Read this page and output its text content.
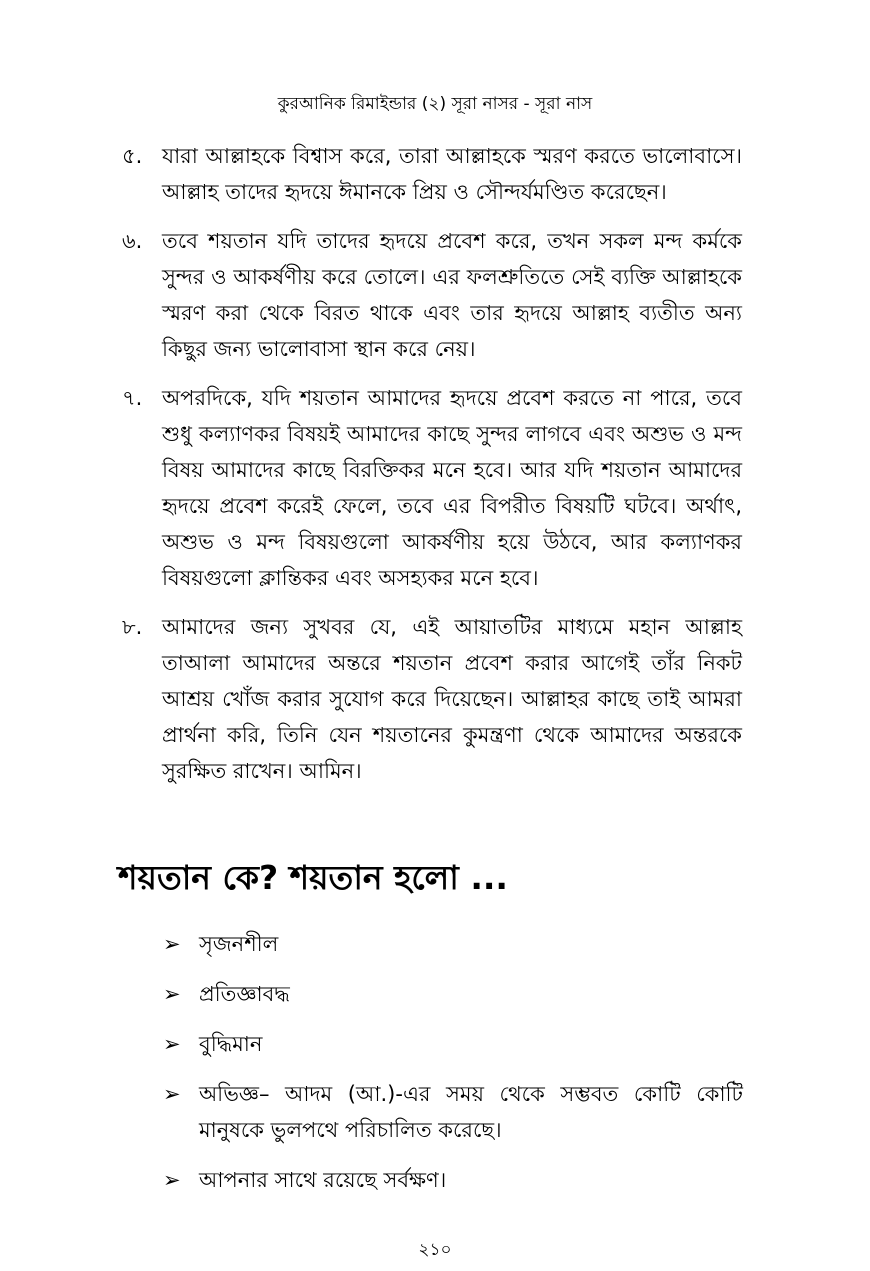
কুরআনিক রিমাইন্ডার (২) সূরা নাসর - সূরা নাস
৫. যারা আল্লাহকে বিশ্বাস করে, তারা আল্লাহকে স্মরণ করতে ভালোবাসে। আল্লাহ তাদের হৃদয়ে ঈমানকে প্রিয় ও সৌন্দর্যমণ্ডিত করেছেন।
৬. তবে শয়তান যদি তাদের হৃদয়ে প্রবেশ করে, তখন সকল মন্দ কর্মকে সুন্দর ও আকর্ষণীয় করে তোলে। এর ফলশ্রুতিতে সেই ব্যক্তি আল্লাহকে স্মরণ করা থেকে বিরত থাকে এবং তার হৃদয়ে আল্লাহ ব্যতীত অন্য কিছুর জন্য ভালোবাসা স্থান করে নেয়।
৭. অপরদিকে, যদি শয়তান আমাদের হৃদয়ে প্রবেশ করতে না পারে, তবে শুধু কল্যাণকর বিষয়ই আমাদের কাছে সুন্দর লাগবে এবং অশুভ ও মন্দ বিষয় আমাদের কাছে বিরক্তিকর মনে হবে। আর যদি শয়তান আমাদের হৃদয়ে প্রবেশ করেই ফেলে, তবে এর বিপরীত বিষয়টি ঘটবে। অর্থাৎ, অশুভ ও মন্দ বিষয়গুলো আকর্ষণীয় হয়ে উঠবে, আর কল্যাণকর বিষয়গুলো ক্লান্তিকর এবং অসহ্যকর মনে হবে।
৮. আমাদের জন্য সুখবর যে, এই আয়াতটির মাধ্যমে মহান আল্লাহ তাআলা আমাদের অন্তরে শয়তান প্রবেশ করার আগেই তাঁর নিকট আশ্রয় খোঁজ করার সুযোগ করে দিয়েছেন। আল্লাহর কাছে তাই আমরা প্রার্থনা করি, তিনি যেন শয়তানের কুমন্ত্রণা থেকে আমাদের অন্তরকে সুরক্ষিত রাখেন। আমিন।
শয়তান কে? শয়তান হলো ...
➢ সৃজনশীল
➢ প্রতিজ্ঞাবদ্ধ
➢ বুদ্ধিমান
➢ অভিজ্ঞ– আদম (আ.)-এর সময় থেকে সম্ভবত কোটি কোটি মানুষকে ভুলপথে পরিচালিত করেছে।
➢ আপনার সাথে রয়েছে সর্বক্ষণ।
২১০
